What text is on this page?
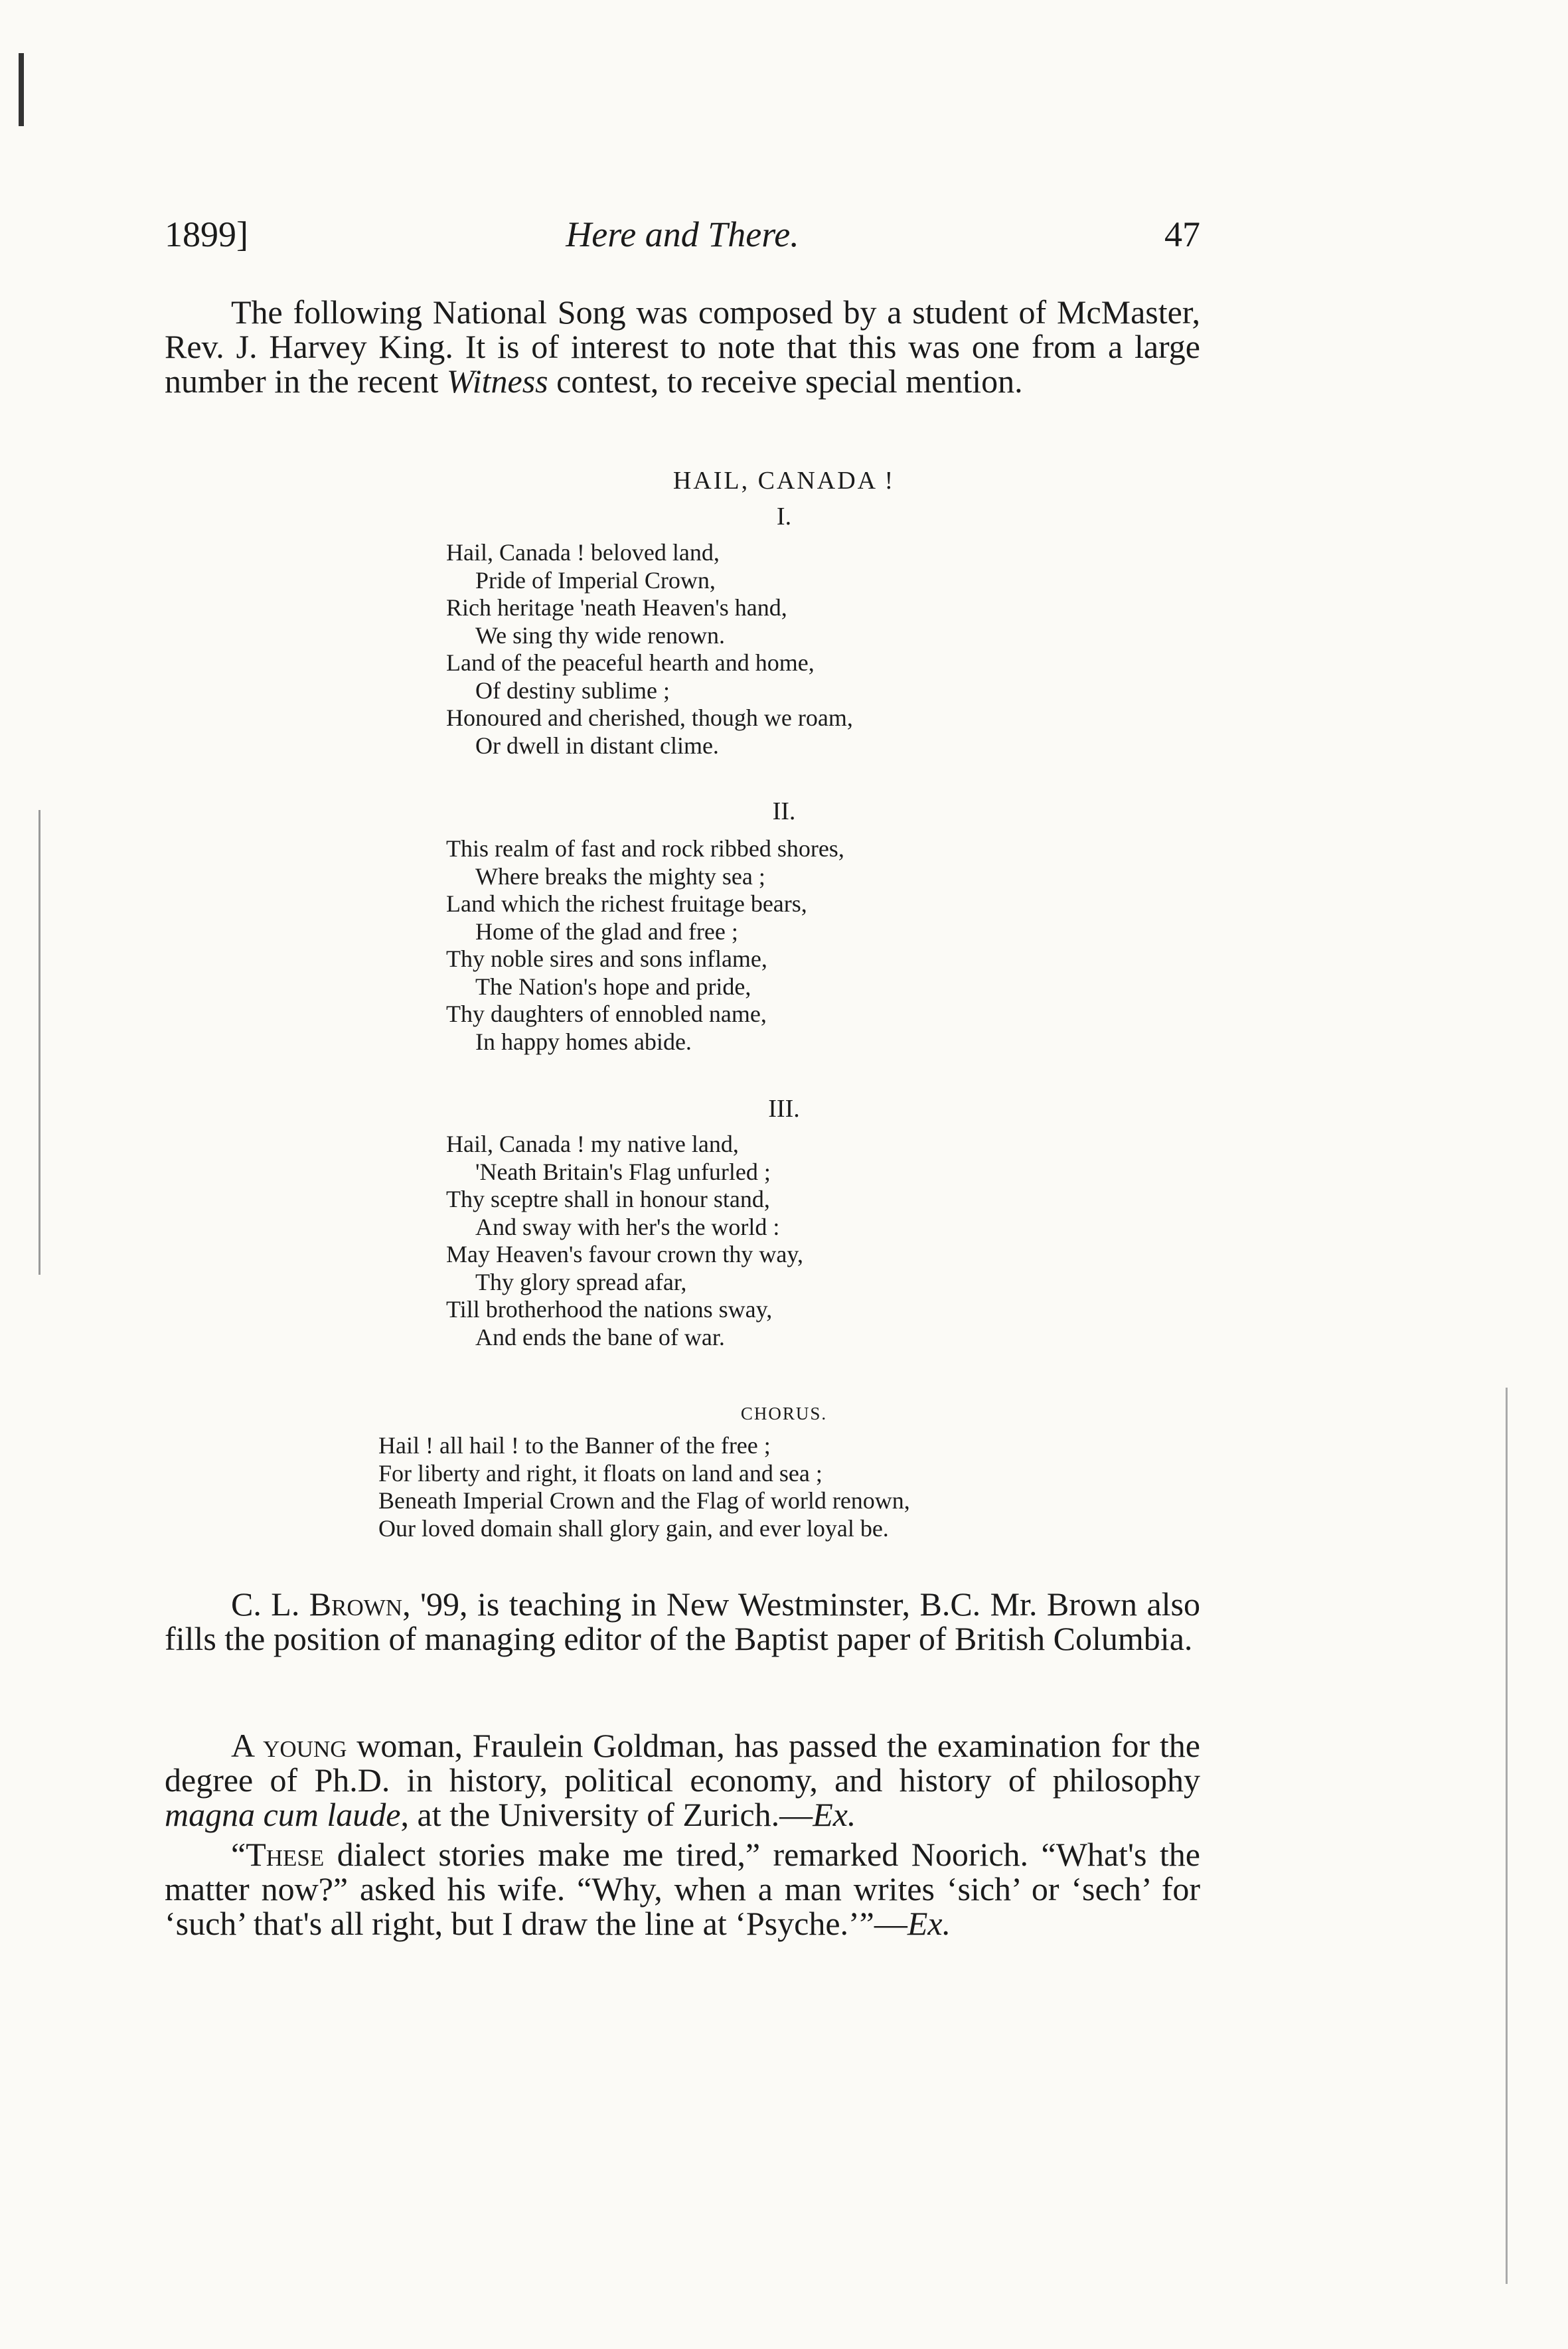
1899]	Here and There.	47
The following National Song was composed by a student of McMaster, Rev. J. Harvey King. It is of interest to note that this was one from a large number in the recent Witness contest, to receive special mention.
HAIL, CANADA !
I.
Hail, Canada ! beloved land,
Pride of Imperial Crown,
Rich heritage 'neath Heaven's hand,
We sing thy wide renown.
Land of the peaceful hearth and home,
Of destiny sublime ;
Honoured and cherished, though we roam,
Or dwell in distant clime.
II.
This realm of fast and rock ribbed shores,
Where breaks the mighty sea ;
Land which the richest fruitage bears,
Home of the glad and free ;
Thy noble sires and sons inflame,
The Nation's hope and pride,
Thy daughters of ennobled name,
In happy homes abide.
III.
Hail, Canada ! my native land,
'Neath Britain's Flag unfurled ;
Thy sceptre shall in honour stand,
And sway with her's the world :
May Heaven's favour crown thy way,
Thy glory spread afar,
Till brotherhood the nations sway,
And ends the bane of war.
CHORUS.
Hail ! all hail ! to the Banner of the free ;
For liberty and right, it floats on land and sea ;
Beneath Imperial Crown and the Flag of world renown,
Our loved domain shall glory gain, and ever loyal be.
C. L. Brown, '99, is teaching in New Westminster, B.C. Mr. Brown also fills the position of managing editor of the Baptist paper of British Columbia.
A young woman, Fraulein Goldman, has passed the examination for the degree of Ph.D. in history, political economy, and history of philosophy magna cum laude, at the University of Zurich.—Ex.
“These dialect stories make me tired,” remarked Noorich. “What's the matter now?” asked his wife. “Why, when a man writes ‘sich’ or ‘sech’ for ‘such’ that's all right, but I draw the line at ‘Psyche.’”—Ex.
